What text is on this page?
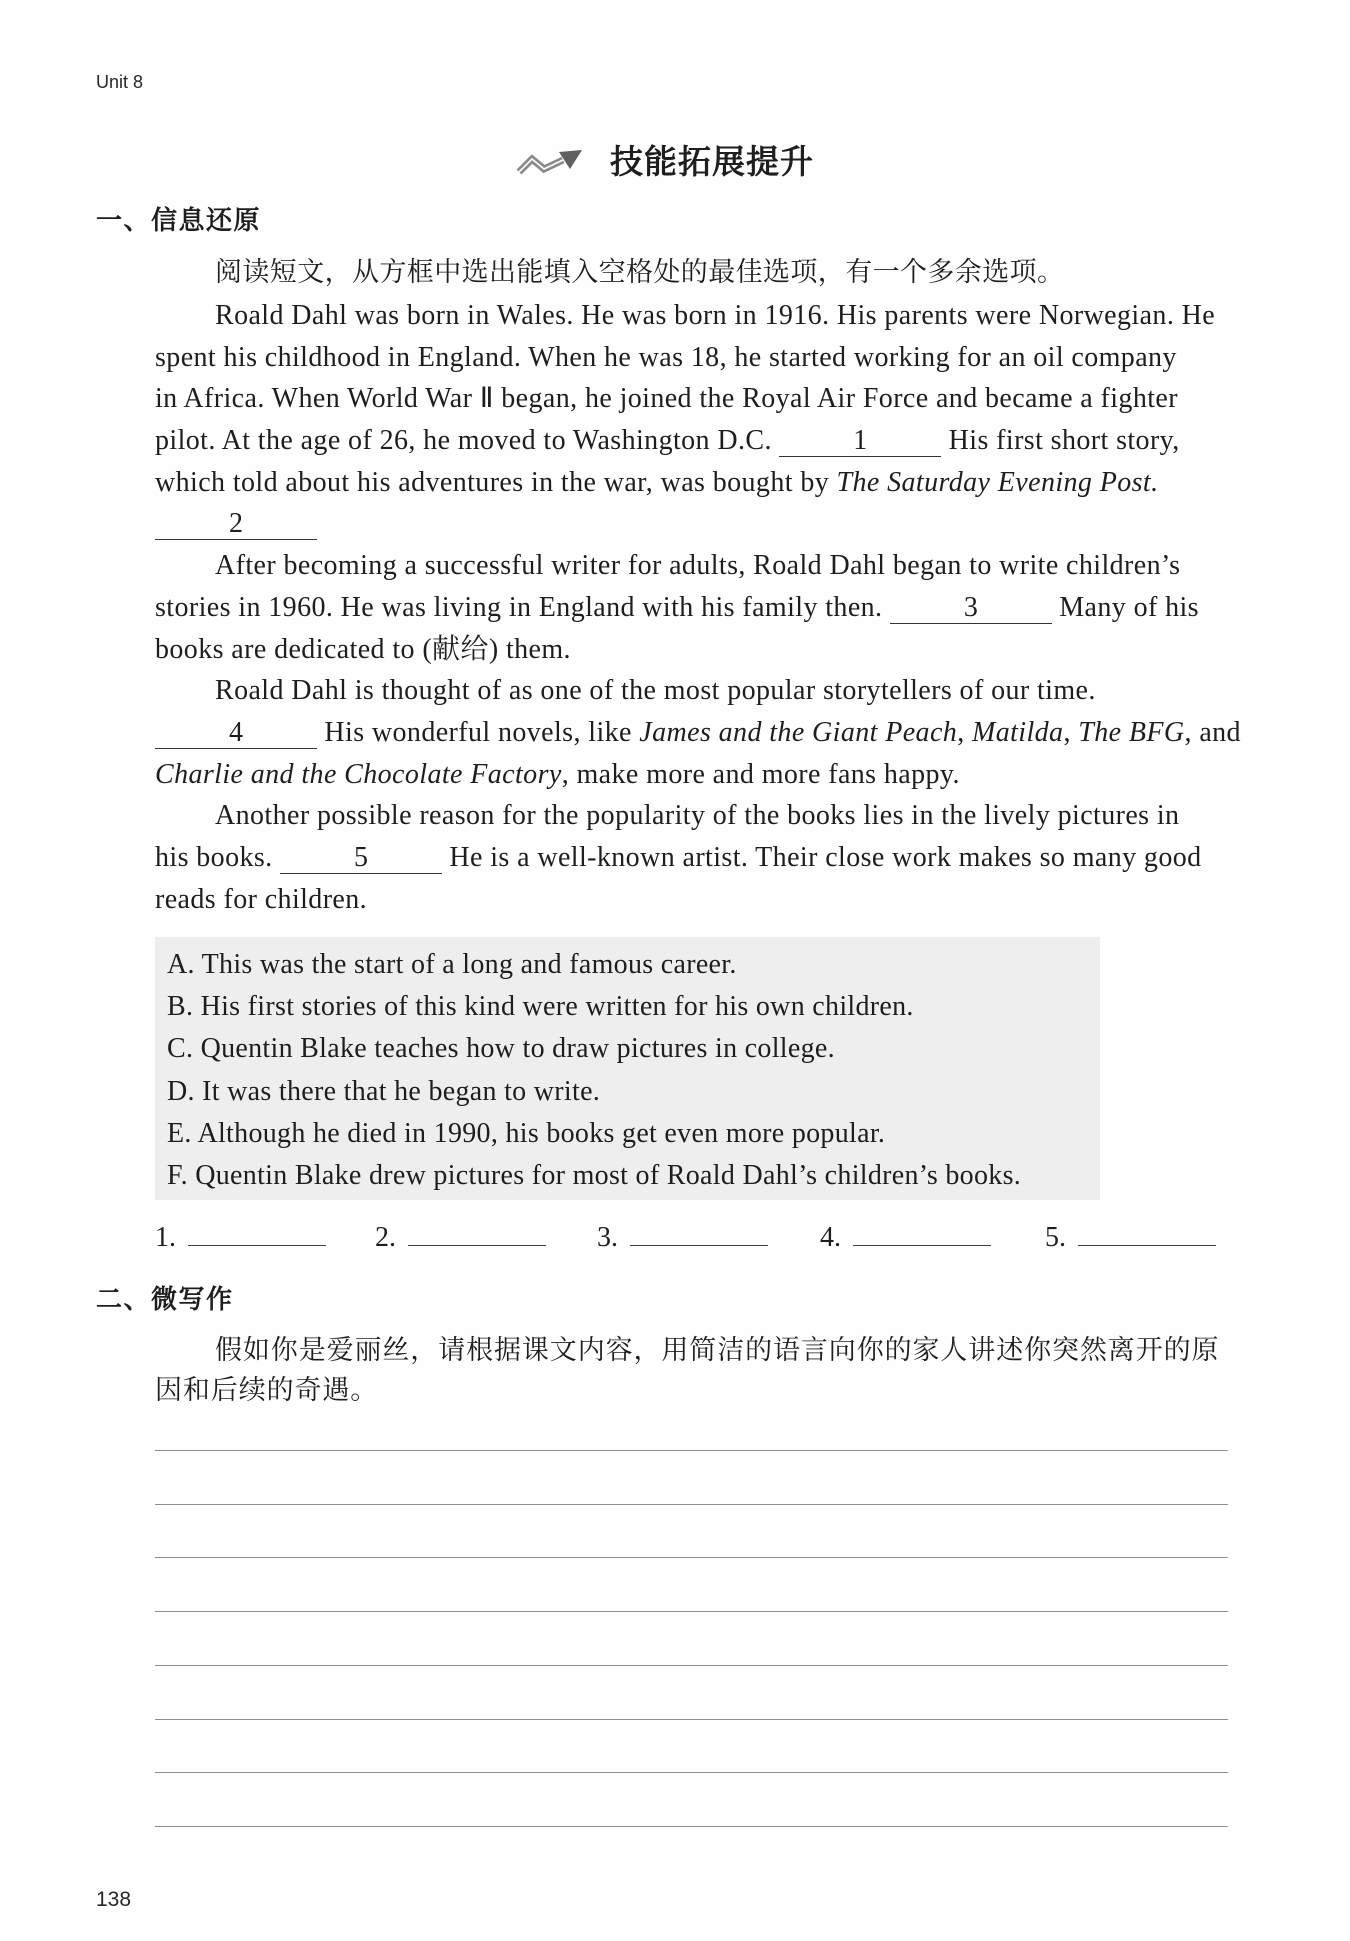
Unit 8
技能拓展提升
一、信息还原
阅读短文，从方框中选出能填入空格处的最佳选项，有一个多余选项。
Roald Dahl was born in Wales. He was born in 1916. His parents were Norwegian. He
spent his childhood in England. When he was 18, he started working for an oil company
in Africa. When World War Ⅱ began, he joined the Royal Air Force and became a fighter
pilot. At the age of 26, he moved to Washington D.C.	1	His first short story,
which told about his adventures in the war, was bought by The Saturday Evening Post.
2
After becoming a successful writer for adults, Roald Dahl began to write children’s
stories in 1960. He was living in England with his family then.	3	Many of his
books are dedicated to (献给) them.
Roald Dahl is thought of as one of the most popular storytellers of our time.
4	His wonderful novels, like James and the Giant Peach, Matilda, The BFG, and
Charlie and the Chocolate Factory, make more and more fans happy.
Another possible reason for the popularity of the books lies in the lively pictures in
his books.	5	He is a well-known artist. Their close work makes so many good
reads for children.
A. This was the start of a long and famous career.
B. His first stories of this kind were written for his own children.
C. Quentin Blake teaches how to draw pictures in college.
D. It was there that he began to write.
E. Although he died in 1990, his books get even more popular.
F. Quentin Blake drew pictures for most of Roald Dahl’s children’s books.
1.	2.	3.	4.	5.
二、微写作
假如你是爱丽丝，请根据课文内容，用简洁的语言向你的家人讲述你突然离开的原
因和后续的奇遇。
138
